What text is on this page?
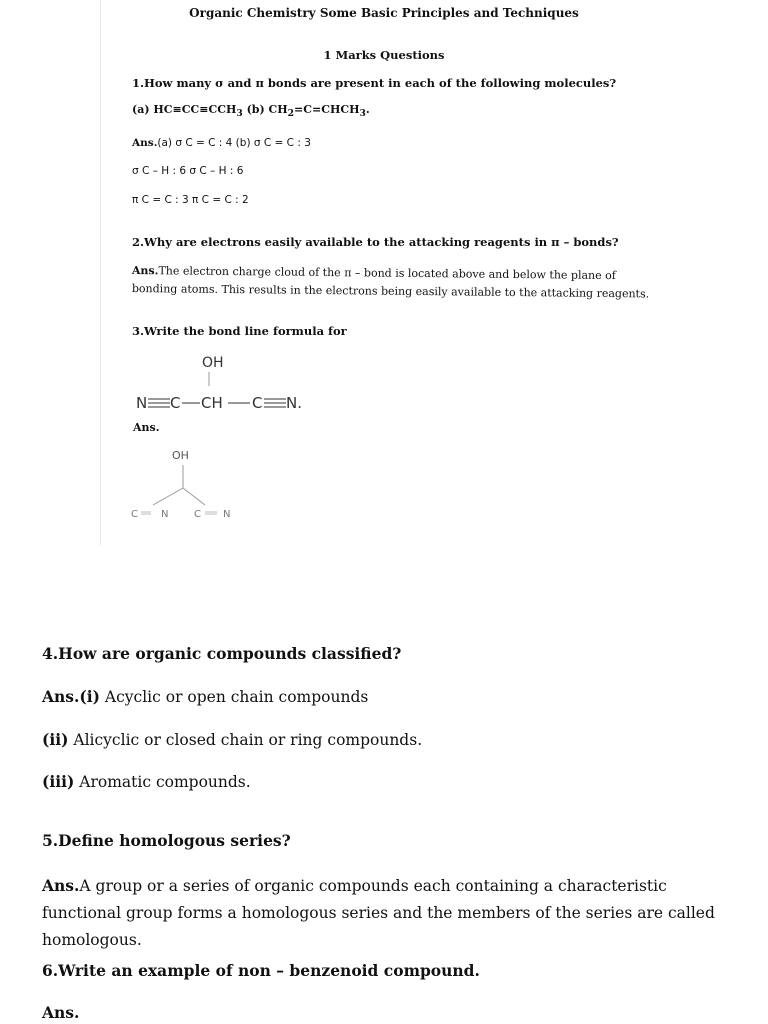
Organic Chemistry Some Basic Principles and Techniques
1 Marks Questions
1.How many σ and π bonds are present in each of the following molecules?
(a) $HC\equiv CC\equiv CCH_3$ (b) $CH_2=C=CHCH_3$.
Ans.(a) σ C = C : 4 (b) σ C = C : 3
σ C – H : 6 σ C – H : 6
π C = C : 3 π C = C : 2
2.Why are electrons easily available to the attacking reagents in π – bonds?
Ans.The electron charge cloud of the π – bond is located above and below the plane of
bonding atoms. This results in the electrons being easily available to the attacking reagents.
3.Write the bond line formula for
OH
N C CH C N.
Ans.
OH
C N	C N
4.How are organic compounds classified?
Ans.(i) Acyclic or open chain compounds
(ii) Alicyclic or closed chain or ring compounds.
(iii) Aromatic compounds.
5.Define homologous series?
Ans.A group or a series of organic compounds each containing a characteristic functional group forms a homologous series and the members of the series are called homologous.
6.Write an example of non – benzenoid compound.
Ans.
